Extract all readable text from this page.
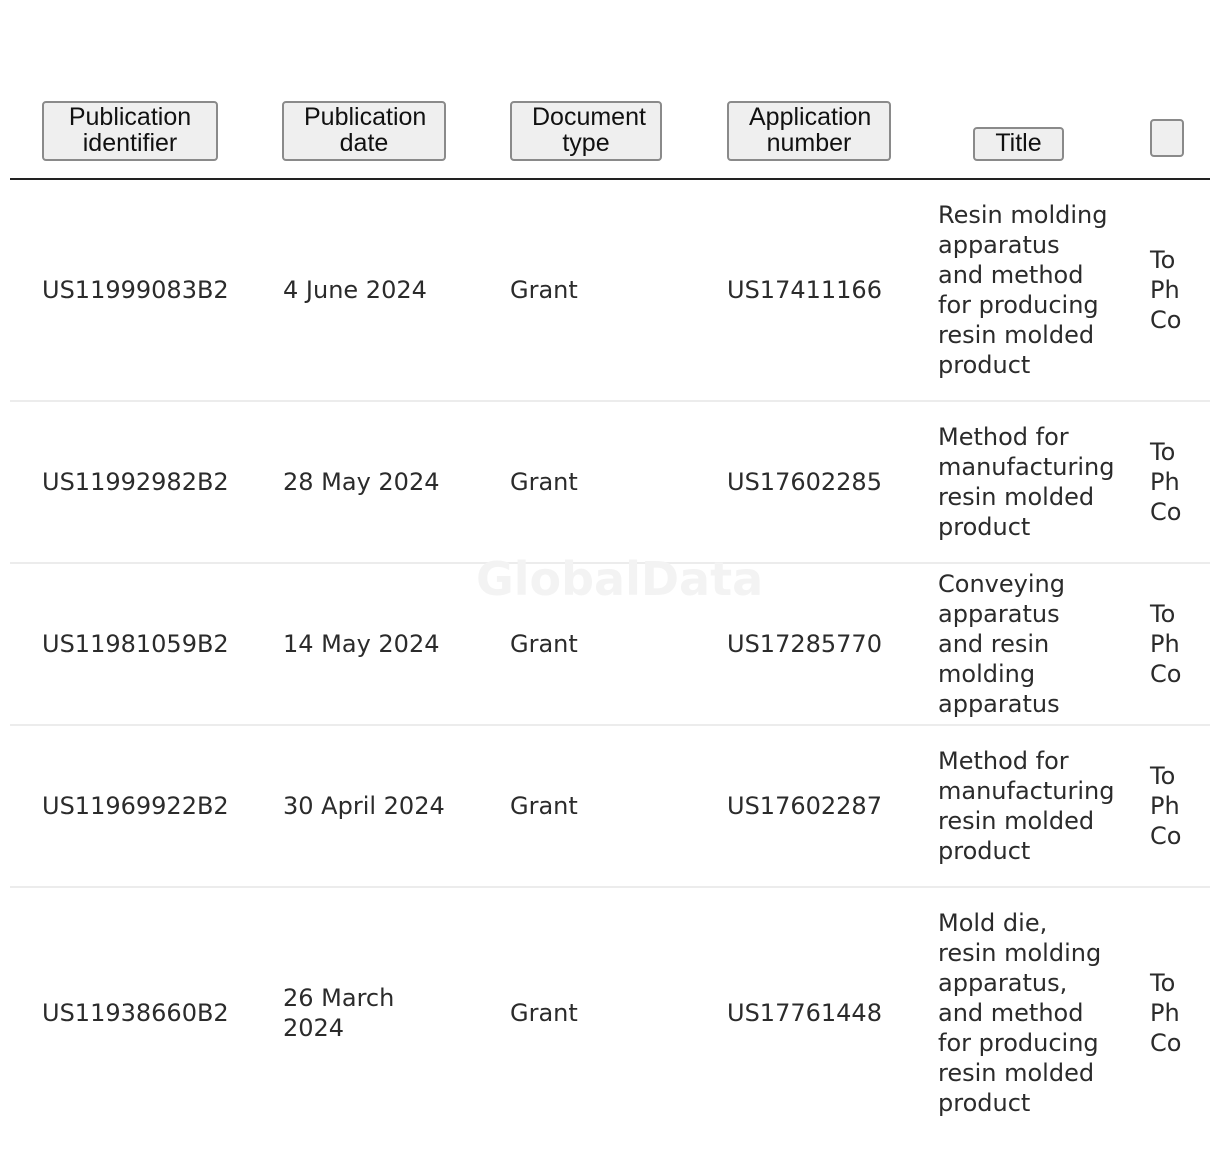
Publication identifier	Publication date	Document type	Application number	Title	
US11999083B2	4 June 2024	Grant	US17411166	Resin molding apparatus and method for producing resin molded product	To
Ph
Co
US11992982B2	28 May 2024	Grant	US17602285	Method for manufacturing resin molded product	To
Ph
Co
US11981059B2	14 May 2024	Grant	US17285770	Conveying apparatus and resin molding apparatus	To
Ph
Co
US11969922B2	30 April 2024	Grant	US17602287	Method for manufacturing resin molded product	To
Ph
Co
US11938660B2	26 March 2024	Grant	US17761448	Mold die, resin molding apparatus, and method for producing resin molded product	To
Ph
Co
GlobalData
